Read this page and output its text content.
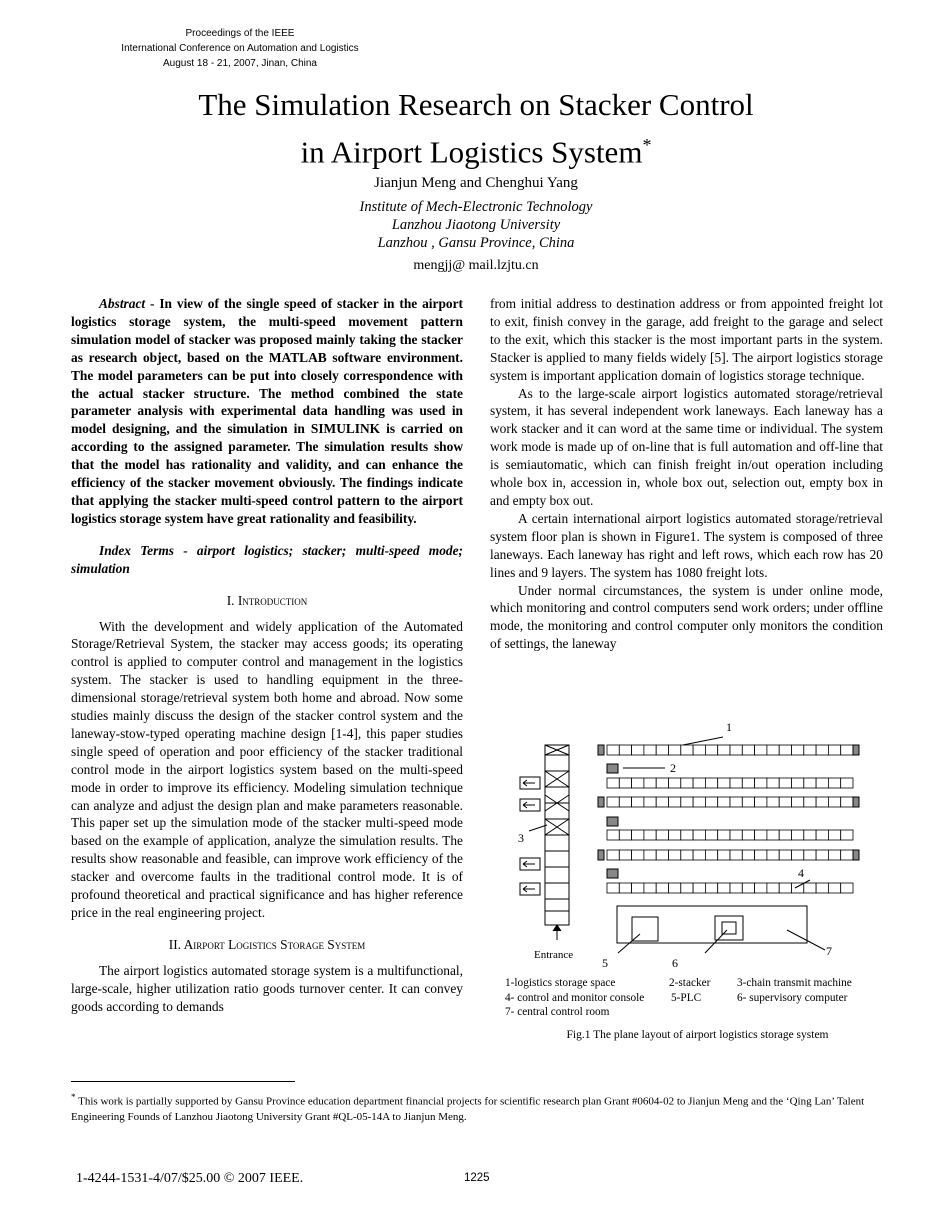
Proceedings of the IEEE
International Conference on Automation and Logistics
August 18 - 21, 2007, Jinan, China
The Simulation Research on Stacker Control
in Airport Logistics System*
Jianjun Meng and Chenghui Yang
Institute of Mech-Electronic Technology
Lanzhou Jiaotong University
Lanzhou , Gansu Province, China
mengjj@ mail.lzjtu.cn

Abstract - In view of the single speed of stacker in the airport logistics storage system, the multi-speed movement pattern simulation model of stacker was proposed mainly taking the stacker as research object, based on the MATLAB software environment. The model parameters can be put into closely correspondence with the actual stacker structure. The method combined the state parameter analysis with experimental data handling was used in model designing, and the simulation in SIMULINK is carried on according to the assigned parameter. The simulation results show that the model has rationality and validity, and can enhance the efficiency of the stacker movement obviously. The findings indicate that applying the stacker multi-speed control pattern to the airport logistics storage system have great rationality and feasibility.

Index Terms - airport logistics; stacker; multi-speed mode; simulation

I. Introduction

With the development and widely application of the Automated Storage/Retrieval System, the stacker may access goods; its operating control is applied to computer control and management in the logistics system. The stacker is used to handling equipment in the three-dimensional storage/retrieval system both home and abroad. Now some studies mainly discuss the design of the stacker control system and the laneway-stow-typed operating machine design [1-4], this paper studies single speed of operation and poor efficiency of the stacker traditional control mode in the airport logistics system based on the multi-speed mode in order to improve its efficiency. Modeling simulation technique can analyze and adjust the design plan and make parameters reasonable. This paper set up the simulation mode of the stacker multi-speed mode based on the example of application, analyze the simulation results. The results show reasonable and feasible, can improve work efficiency of the stacker and overcome faults in the traditional control mode. It is of profound theoretical and practical significance and has higher reference price in the real engineering project.

II. Airport Logistics Storage System

The airport logistics automated storage system is a multifunctional, large-scale, higher utilization ratio goods turnover center. It can convey goods according to demands

from initial address to destination address or from appointed freight lot to exit, finish convey in the garage, add freight to the garage and select to the exit, which this stacker is the most important parts in the system. Stacker is applied to many fields widely [5]. The airport logistics storage system is important application domain of logistics storage technique.

As to the large-scale airport logistics automated storage/retrieval system, it has several independent work laneways. Each laneway has a work stacker and it can word at the same time or individual. The system work mode is made up of on-line that is full automation and off-line that is semiautomatic, which can finish freight in/out operation including whole box in, accession in, whole box out, selection out, empty box in and empty box out.

A certain international airport logistics automated storage/retrieval system floor plan is shown in Figure1. The system is composed of three laneways. Each laneway has right and left rows, which each row has 20 lines and 9 layers. The system has 1080 freight lots.

Under normal circumstances, the system is under online mode, which monitoring and control computers send work orders; under offline mode, the monitoring and control computer only monitors the condition of settings, the laneway

1
2
3
4
5	6
7
Entrance
1-logistics storage space	2-stacker	3-chain transmit machine
4- control and monitor console	5-PLC	6- supervisory computer
7- central control room
Fig.1 The plane layout of airport logistics storage system
* This work is partially supported by Gansu Province education department financial projects for scientific research plan Grant #0604-02 to Jianjun Meng and the ‘Qing Lan’ Talent Engineering Founds of Lanzhou Jiaotong University Grant #QL-05-14A to Jianjun Meng.
1-4244-1531-4/07/$25.00 © 2007 IEEE.	1225
